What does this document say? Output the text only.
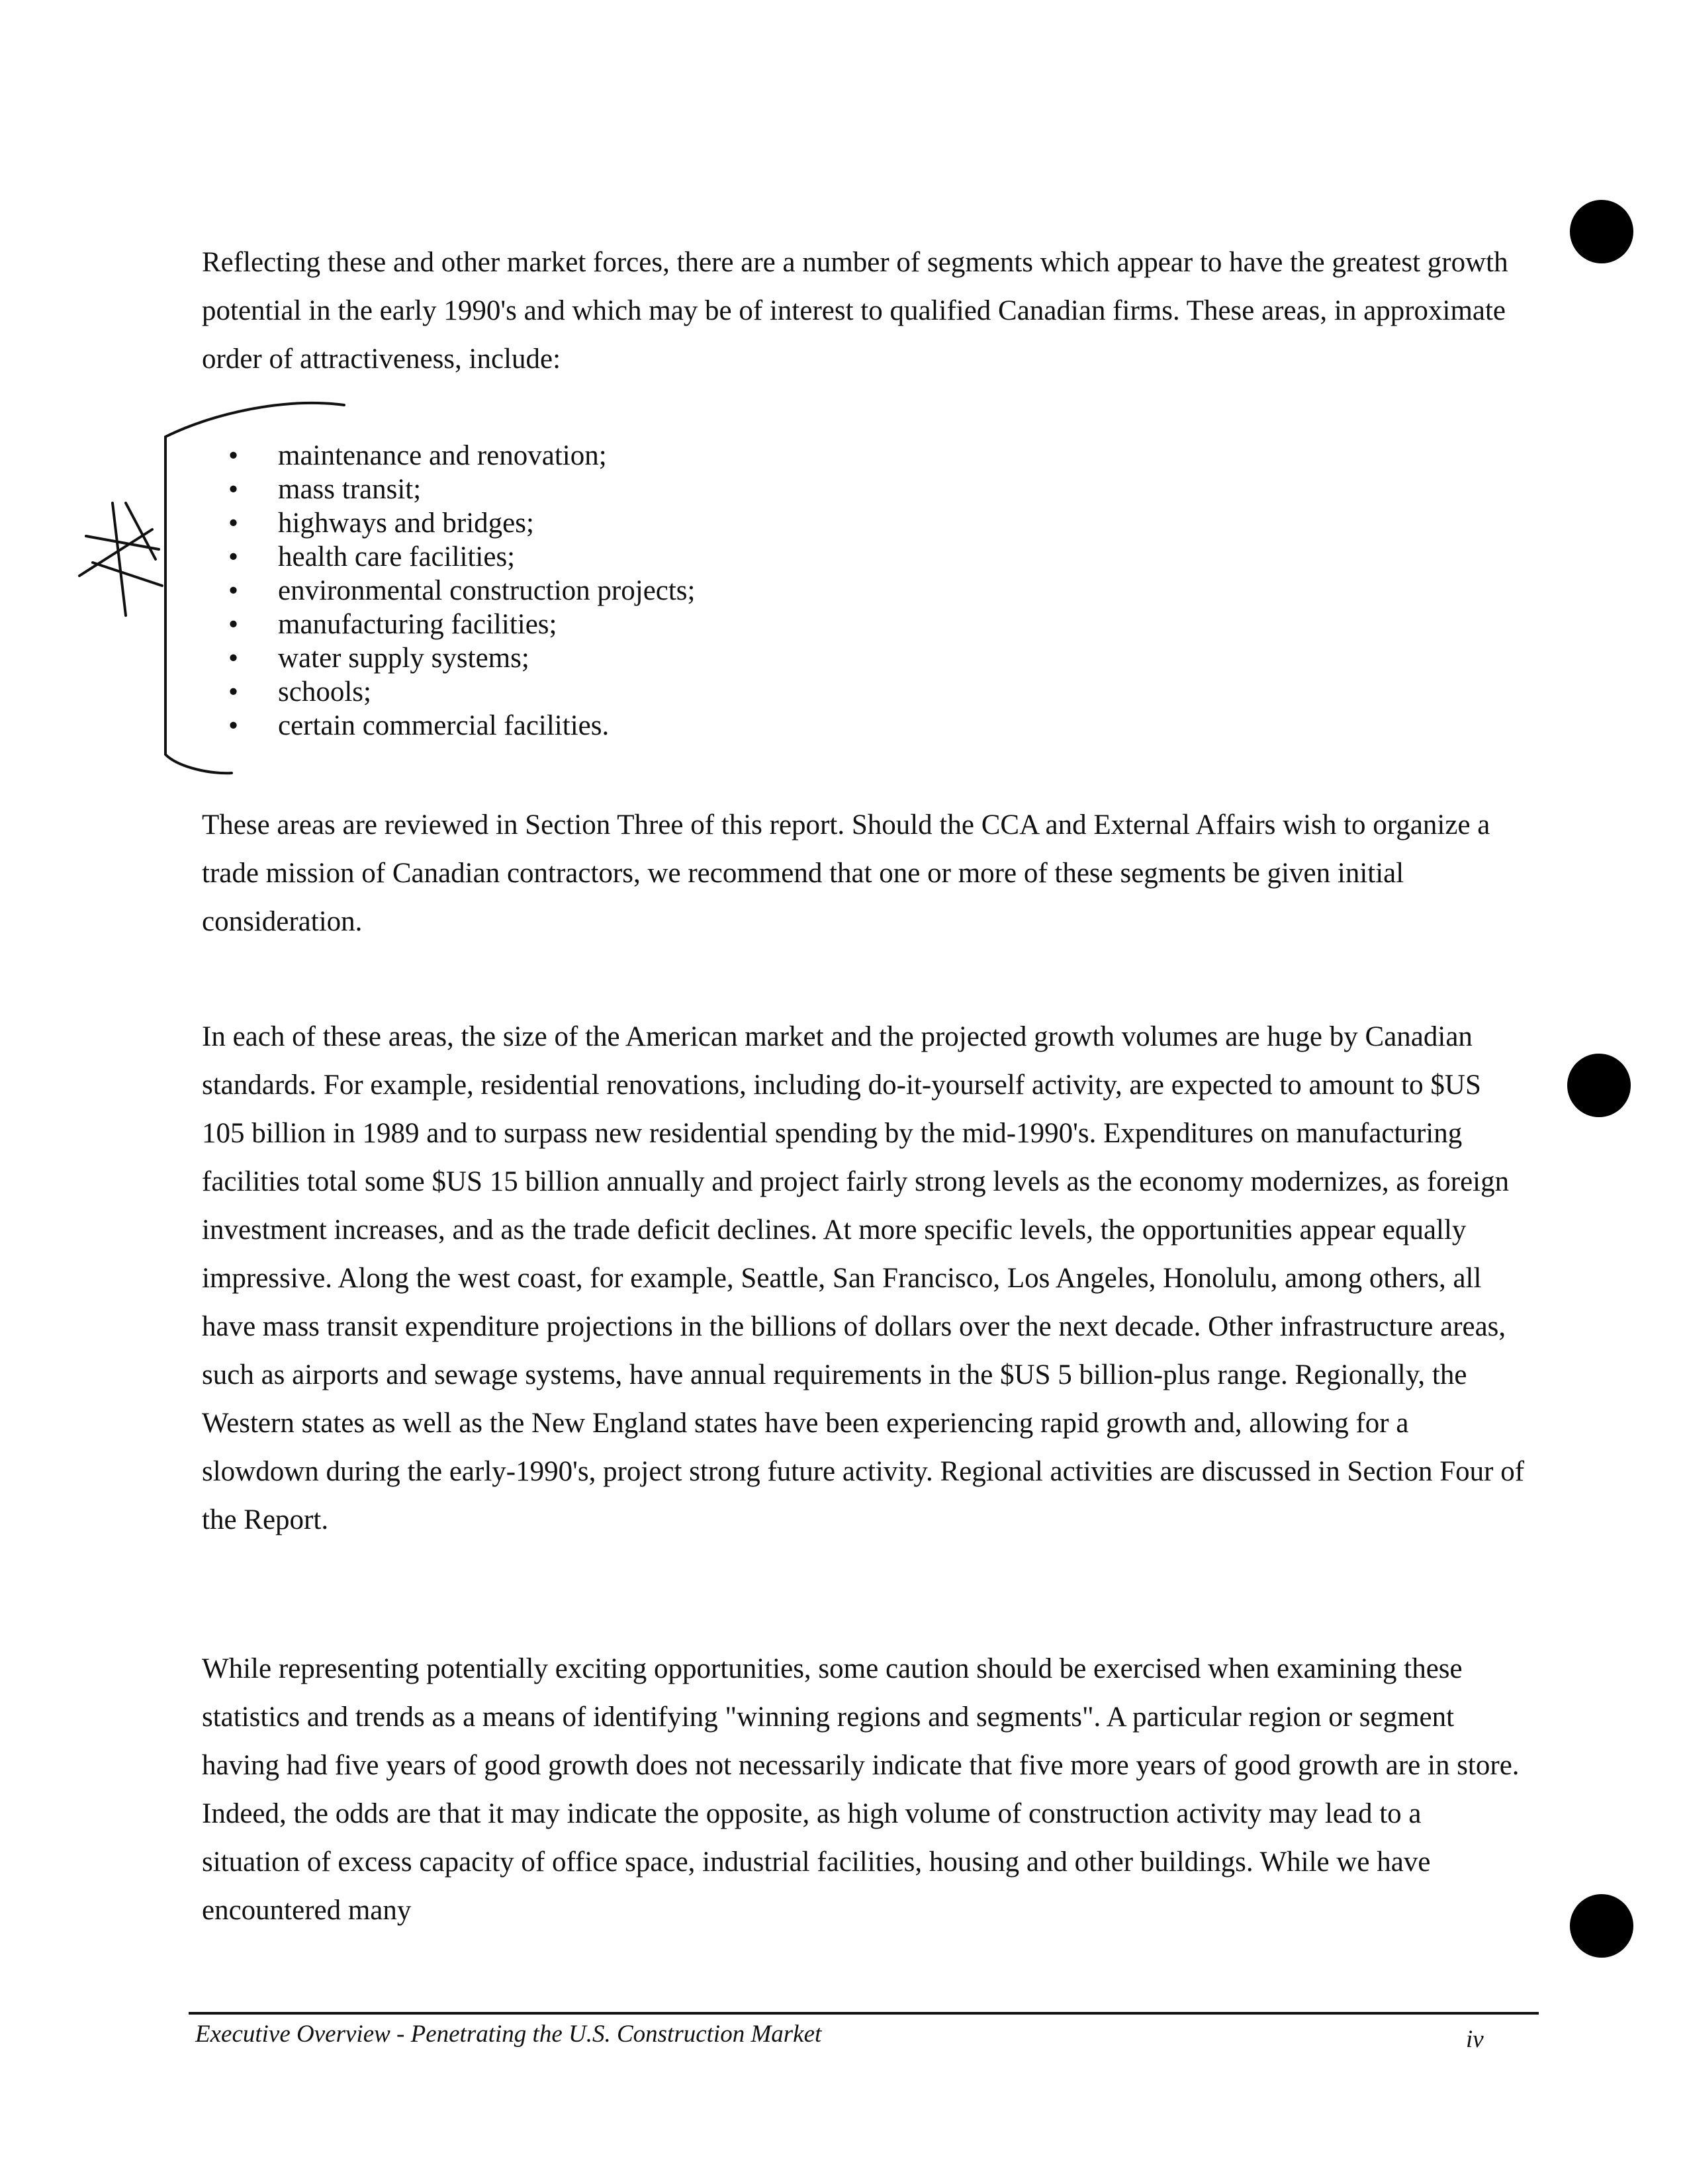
Reflecting these and other market forces, there are a number of segments which appear to have the greatest growth potential in the early 1990's and which may be of interest to qualified Canadian firms. These areas, in approximate order of attractiveness, include:

• maintenance and renovation;
• mass transit;
• highways and bridges;
• health care facilities;
• environmental construction projects;
• manufacturing facilities;
• water supply systems;
• schools;
• certain commercial facilities.

These areas are reviewed in Section Three of this report. Should the CCA and External Affairs wish to organize a trade mission of Canadian contractors, we recommend that one or more of these segments be given initial consideration.

In each of these areas, the size of the American market and the projected growth volumes are huge by Canadian standards. For example, residential renovations, including do-it-yourself activity, are expected to amount to $US 105 billion in 1989 and to surpass new residential spending by the mid-1990's. Expenditures on manufacturing facilities total some $US 15 billion annually and project fairly strong levels as the economy modernizes, as foreign investment increases, and as the trade deficit declines. At more specific levels, the opportunities appear equally impressive. Along the west coast, for example, Seattle, San Francisco, Los Angeles, Honolulu, among others, all have mass transit expenditure projections in the billions of dollars over the next decade. Other infrastructure areas, such as airports and sewage systems, have annual requirements in the $US 5 billion-plus range. Regionally, the Western states as well as the New England states have been experiencing rapid growth and, allowing for a slowdown during the early-1990's, project strong future activity. Regional activities are discussed in Section Four of the Report.

While representing potentially exciting opportunities, some caution should be exercised when examining these statistics and trends as a means of identifying "winning regions and segments". A particular region or segment having had five years of good growth does not necessarily indicate that five more years of good growth are in store. Indeed, the odds are that it may indicate the opposite, as high volume of construction activity may lead to a situation of excess capacity of office space, industrial facilities, housing and other buildings. While we have encountered many

Executive Overview - Penetrating the U.S. Construction Market	iv
